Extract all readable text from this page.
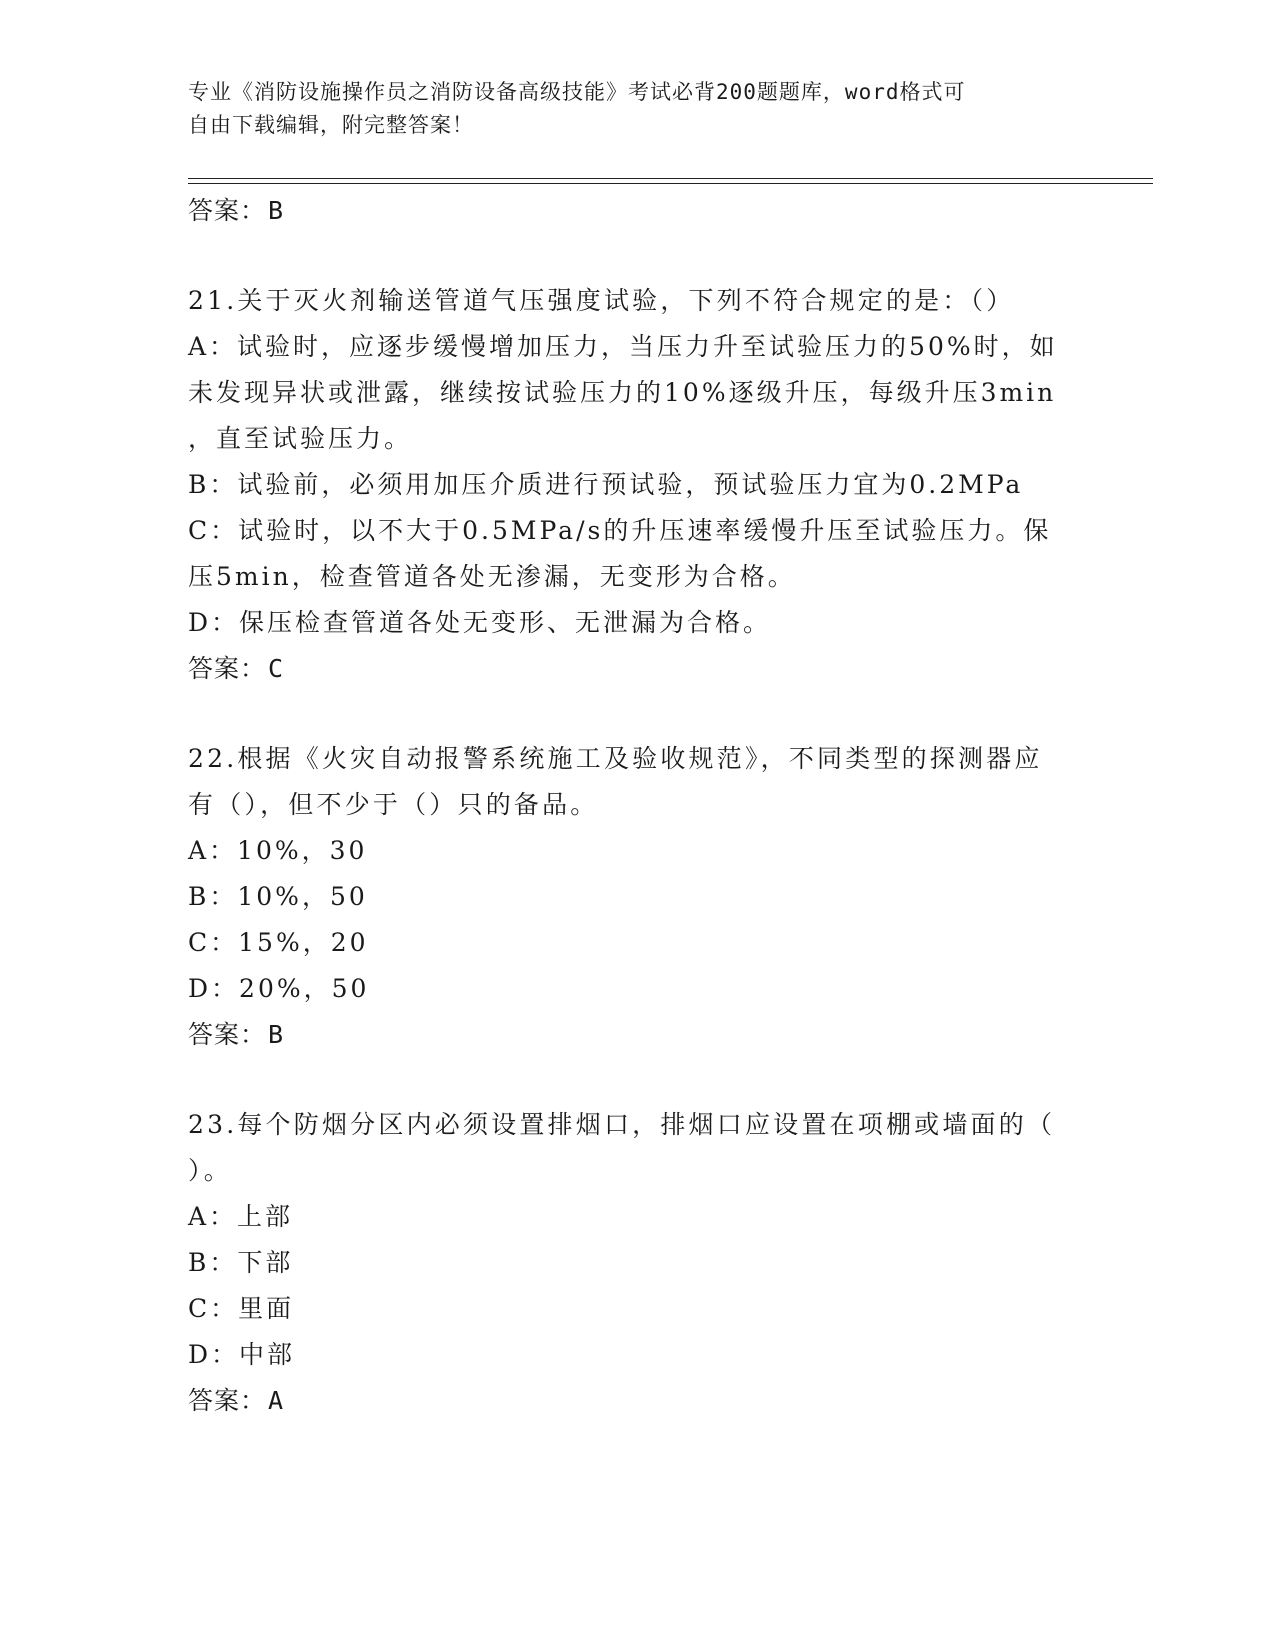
专业《消防设施操作员之消防设备高级技能》考试必背200题题库，word格式可
自由下载编辑，附完整答案！
答案：B
21.关于灭火剂输送管道气压强度试验，下列不符合规定的是：（）
A：试验时，应逐步缓慢增加压力，当压力升至试验压力的50%时，如
未发现异状或泄露，继续按试验压力的10%逐级升压，每级升压3min
，直至试验压力。
B：试验前，必须用加压介质进行预试验，预试验压力宜为0.2MPa
C：试验时，以不大于0.5MPa/s的升压速率缓慢升压至试验压力。保
压5min，检查管道各处无渗漏，无变形为合格。
D：保压检查管道各处无变形、无泄漏为合格。
答案：C
22.根据《火灾自动报警系统施工及验收规范》，不同类型的探测器应
有（），但不少于（）只的备品。
A：10%，30
B：10%，50
C：15%，20
D：20%，50
答案：B
23.每个防烟分区内必须设置排烟口，排烟口应设置在项棚或墙面的（
）。
A：上部
B：下部
C：里面
D：中部
答案：A
